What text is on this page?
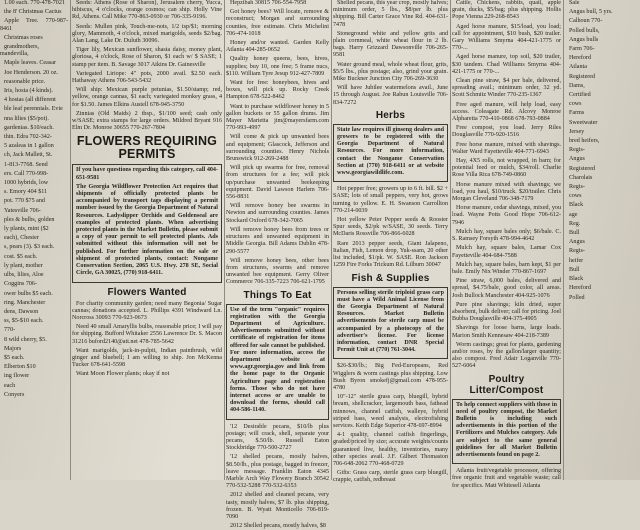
1.00 each. 770-478-7021

the 8' Christmas Cactus

Apple Tree. 770-987-8461

Christmas roses

grandmothers, mandevilla,

Maple leaves. Ceasar

Joe Henderson. 20 oz.

reasonable price.

Iris, hosta (4 kinds).

4 hostas (all different

ble leaf perennials. Evie

nna lilies ($5/pot).

gardenias. $10/each.

thin. Edra 702-342-

5 azaleas in 1 gallon

ch, Jack Mallett, St.

1-813-7768. Send

ers. Call 770-998-

1000 hybrids, low

s. Emory 404 $11

pot. 770 $75 and

Yatesville 706-

ples & bulbs, golden

ly plants, mint ($2

each), Chester

s, pears (3). $3 each.

cost. $5 each.

ly plant, mother

ulbs, lilies, Aloe

Coggins 706-

ower bulbs $5 each.

ring. Manchester

dens, Dawson

ss, $5-$10 each.

770-

8 wild cherry, $5.

Majors

$5 each.

Elberton $10

ing flower

each

Conyers

Seeds: Athens (Rose of Sharon), Jerusalem cherry, Yucca, hibiscus, 4 o'clocks, orange cosmos; can ship. Holly Vine Rd, Athens. Call Mike 770-863-0930 or 706-335-9196.

Seeds: Mullen pink, Touch-me-nots, 1/2 tsp/$1; morning glory, Mammoth, 4 o'clock, mixed marigolds, seeds $2/bag. Alan Lang, Lake Dr. Duluth 30096.

Tiger lily, Mexican sunflower, shasta daisy, money plant, gloriosa, 4 o'clock, Rose of Sharon, $1 each w/ $ SASE; 1 stamp per item. B. Savage 3017 Atkins Dr. Gainesville

Variegated Liriope: 4" pots, 2000 avail. $2.50 each. Hathaway Athens 706-543-5432

Will ship: Mexican purple petunias, $1.50/stamp; red, yellow, orange cannas, $1 each; variegated monkey grass, 4 for $1.50. James Elkins Austell 678-945-3750

Zinnias (Old Maids) 2 tbsp., $1/100 seed; cash only w/SASE; extra stamps for large orders. Mildred Bryant 916 Elm Dr. Monroe 30655 770-267-7804

FLOWERS REQUIRING PERMITS

If you have questions regarding this category, call 404-651-9581

The Georgia Wildflower Protection Act requires that shipments of officially protected plants be accompanied by transport tags displaying a permit number issued by the Georgia Department of Natural Resources. Ladyslipper Orchids and Goldenseal are examples of protected plants. When advertising protected plants in the Market Bulletin, please submit a copy of your permit to sell protected plants. Ads submitted without this information will not be published. For further information on the sale or shipment of protected plants, contact: Nongame Conservation Section, 2065 U.S. Hwy. 278 SE, Social Circle, GA 30025, (770) 918-6411.

Flowers Wanted

For charity community garden; need many Begonia/ Sugar cannas; donations accepted. L. Phillips 4391 Windward Ln. Norcross 30093 770-923-0673

Need 40 small Amaryllis bulbs, reasonable price; I will pay for shipping. Bufford Whitaker 2556 Lawrence Dr. S. Macon 31216 buford2140@att.net 478-785-5642

Want marigolds, jack-in-pulpit, Indian paintbrush, wild ginger and bluebell; I am willing to ship. Jon McKenna Tucker 678-641-5598

Want Moon Flower plants; okay if not

Hepzibah 30815 706-554-7958

Got honey bees? Will locate, remove & reconstruct; Morgan and surrounding counties, free estimate. Chris Michelini 706-474-1018

Honey and/or wanted. Garden Kelly Atlanta 404-285-0652

Quality honey queens, bees, hives, supplies; buy 10, one free; 5 frame nucs, $110. William Tyre Jesup 912-427-7809

Want for free: honeybees, hives and boxes, will pick up. Rocky Creek Hampton 678-522-8462

Want to purchase wildflower honey in 5 gallon buckets or 55 gallon drums. Jim Mayer Marietta jim@mayersfarm.com 770-993-4997

Will come & pick up unwanted bees and equipment; Glascock, Jefferson and surrounding counties. Henry Nichols Brunswick 912-269-2488

Will pick up swarms for free, removal from structures for a fee; will pick up/purchase unwanted beekeeping equipment. David Lawson Harlem 706-556-8831

Will remove honey bee swarms in Newton and surrounding counties. James Stockard Oxford 678-342-7065

Will remove honey bees from trees or structures and unwanted equipment in Middle Georgia. Bill Adams Dublin 478-290-5577

Will remove honey bees, other bees from structures, swarms and remove unwanted bee equipment. Gerry Oliver Commerce 706-335-7223 706-621-1795

Things To Eat

Use of the term "organic" requires registration with the Georgia Department of Agriculture. Advertisements submitted without certificate of registration for items offered for sale cannot be published. For more information, access the department website at www.agr.georgia.gov and link from the home page to the Organic Agriculture page and registration forms. Those who do not have internet access or are unable to download the forms, should call 404-586-1140.

'12 Desirable pecans, $10/lb plus postage; will crack, shell, separate your pecans, $.50/lb. Russell Eaton Stockbridge 770-500-2727

'12 shelled pecans, mostly halves, $8.50/lb., plus postage, bagged in freezer, leave message. Franklin Eaton 4345 Marble Arch Way Flowery Branch 30542 770-532-5288 770-532-6353

2012 shelled and cleaned pecans, very tasty, mostly halves, $7 lb. plus shipping, frozen. B. Wyatt Monticello 706-819-7090

2012 Shelled pecans, mostly halves, $8

Shelled pecans, this year crop, mostly halves; minimum order, 5 lbs., $8/per lb. plus shipping. Bill Carter Grace Vine Rd. 404-631-7478

Stoneground white and yellow grits and plain cornmeal, white wheat flour in 2 lb. bags. Harry Grizzard Dawsonville 706-265-9581

Water ground meal, whole wheat flour, grits, $5/5 lbs., plus postage; also, grind your grain. Mike Buckner Junction City 706-269-3630

Will have Jubilee watermelons avail., June 15 through August. Joe Rabun Louisville 706-834-7272

Herbs

State law requires ill ginseng dealers and growers to be registered with the Georgia Department of Natural Resources. For more information, contact the Nongame Conservation Section at (770) 918-6411 or at website www.georgiawildlife.com.

Hot pepper free; growers up to 6 ft. bill. $2 + SASE; lots of small peppers, very hot, grows turning to yellow. E. H. Swanson Carrollton 770-214-0039

Hot yellow Peter Pepper seeds & Rooster Spur seeds, $2/pk w/SASE, 30 seeds. Terry McDaris Rossville 706-866-6028

Rare 2013 pepper seeds, Giant Jalapeno, Italian, Fish, Lemon drop, Yuk-ssam, 20 other list included, $1/pk. W. SASE. Ron Jackson 1259 Fire Forks Trickum Rd. Lilburn 30047

Fish & Supplies

Persons selling sterile triploid grass carp must have a Wild Animal License from the Georgia Department of Natural Resources. Market Bulletin advertisements for sterile carp must be accompanied by a photocopy of the advertiser's license. For license information, contact DNR Special Permit Unit at (770) 761-3044.

$26-$30/lb.; Big Fed-Europeans, Red Wigglers & worm castings plus shipping. Low Bush Byron smokefj@gmail.com 478-955-4780

10"-12" sterile grass carp, bluegill, hybrid bream, shellcracker, largemouth bass, fathead minnows, channel catfish, walleye, hybrid striped bass, weed analysis, electrofishing services. Keith Edge Superior 478-697-8994

4-1 quality, channel catfish fingerlings, graded/priced by size; accurate weights/counts guaranteed live, healthy, inventories, many other species avail. J.F. Gilbert Thomaston 706-648-2062 770-468-0729

Gifts: Grass carp, sterile grass carp bluegill, crappie, catfish, redbreast

Cattle, Chickens, rabbits, quail, apple grain, ducks, $5/bag; plus shipping. Hollis Pope Vienna 229-268-8543

Aged horse manure, $15/load, you load; call for appointment, $10 bush, $20 trailer. Gary Williams Smyrna 404-421-1775 or 770-...

Aged horse manure, top soil, $20 trailer, $30 tandem. Chad Williams Smyrna 404-421-1775 or 770-...

Clean pine straw, $4 per bale, delivered, spreading avail.; minimum order, 32 yd. Scott Schmitz Winder 770-235-1367

Free aged manure, will help load, easy access. Coleagate Rd. Alcovy Monroe Alpharetta 770-410-0868 678-793-0884

Free compost, you load. Jerry Riles Douglasville 770-920-1516

Free horse manure, mixed with shavings. Walter Ward Fayetteville 404-771-6943

Hay, 4X5 rolls, not wrapped, in barn; for potential feed or mulch, $34/roll. Charlie Rose Villa Rica 678-749-0860

Horse manure mixed with shavings; we load, you haul, $10/truck. $20/trailer. Chris Morgan Cleveland 706-348-7179

Horse manure, cedar shavings, mixed, you load. Wayne Potts Good Hope 706-612-7946

Mulch hay, square bales only; $6/bale. C. S. Ramsey Forsyth 478-994-4642

Mulch hay, square bales, Lamar Cox Fayetteville 404-684-7588

Mulch hay, square bales, barn kept, $1 per bale. Emily Nix Winder 770-867-1697

Pine straw, 6,000 bales, delivered and spread, $4.75/bale, good color, all areas. Josh Bullock Manchester 404-925-1076

Pure pine shavings; kiln dried, super absorbent, bulk deliver; call for pricing. Joel Bubba Douglasville 404-375-4905

Shavings for loose barns, large loads. Marion Smith Kennesaw 404-218-7389

Worm castings; great for plants, gardening and/or roses, by the gallon/larger quantity; also compost. Fred Adair Loganville 770-527-6064

Poultry Litter/Compost

To help connect suppliers with those in need of poultry compost, the Market Bulletin is including such advertisements in this portion of the Fertilizers and Mulches category. Ads are subject to the same general guidelines for all Market Bulletin advertisements found on page 2.

Atlanta fruit/vegetable processor, offering free organic fruit and vegetable waste; call for specifics. Matt Whitesell Atlanta

Sale

Angus bull, 5 yrs.

Calhoun 770-

Polled bulls,

Angus bulls

Farm 706-

Hereford

Atlanta

Registered

Dams,

Certified

cows

Farms

Sweetwater

Jersey

bred heifers,

Regis-

Angus

Registered

Charolais

Regis-

cows

Black

age

Reg.

Bull

Angus

Regis-

heifer

Bull

Black

Hereford

Polled
